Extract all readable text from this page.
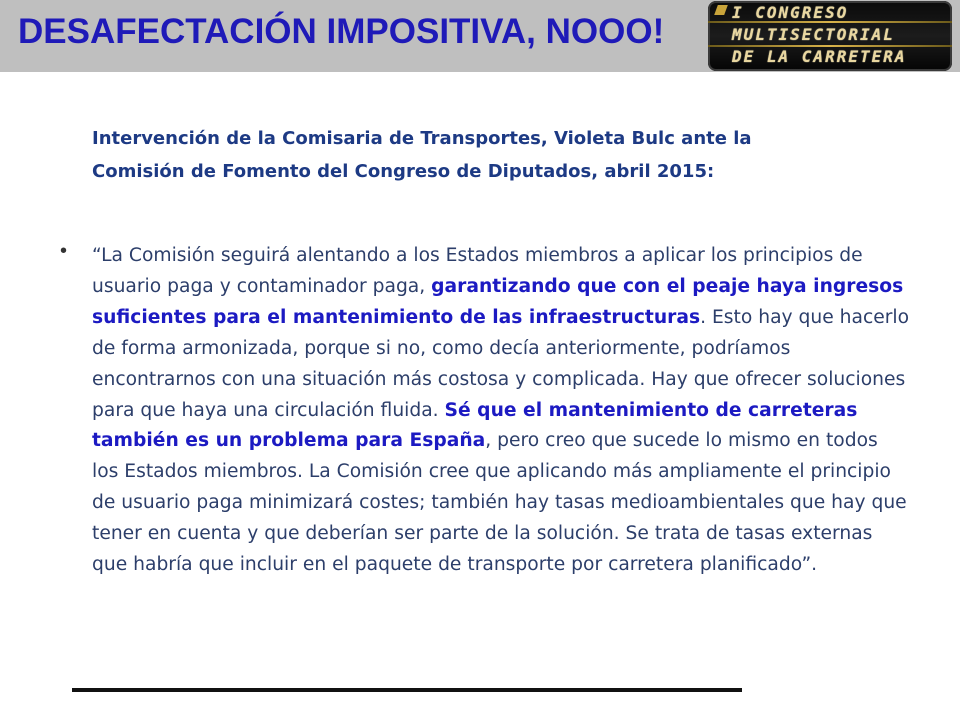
DESAFECTACIÓN IMPOSITIVA, NOOO!	I CONGRESO
MULTISECTORIAL
DE LA CARRETERA

Intervención de la Comisaria de Transportes, Violeta Bulc ante la

Comisión de Fomento del Congreso de Diputados, abril 2015:

• “La Comisión seguirá alentando a los Estados miembros a aplicar los principios de usuario paga y contaminador paga, garantizando que con el peaje haya ingresos suficientes para el mantenimiento de las infraestructuras. Esto hay que hacerlo de forma armonizada, porque si no, como decía anteriormente, podríamos encontrarnos con una situación más costosa y complicada. Hay que ofrecer soluciones para que haya una circulación fluida. Sé que el mantenimiento de carreteras también es un problema para España, pero creo que sucede lo mismo en todos los Estados miembros. La Comisión cree que aplicando más ampliamente el principio de usuario paga minimizará costes; también hay tasas medioambientales que hay que tener en cuenta y que deberían ser parte de la solución. Se trata de tasas externas que habría que incluir en el paquete de transporte por carretera planificado”.
